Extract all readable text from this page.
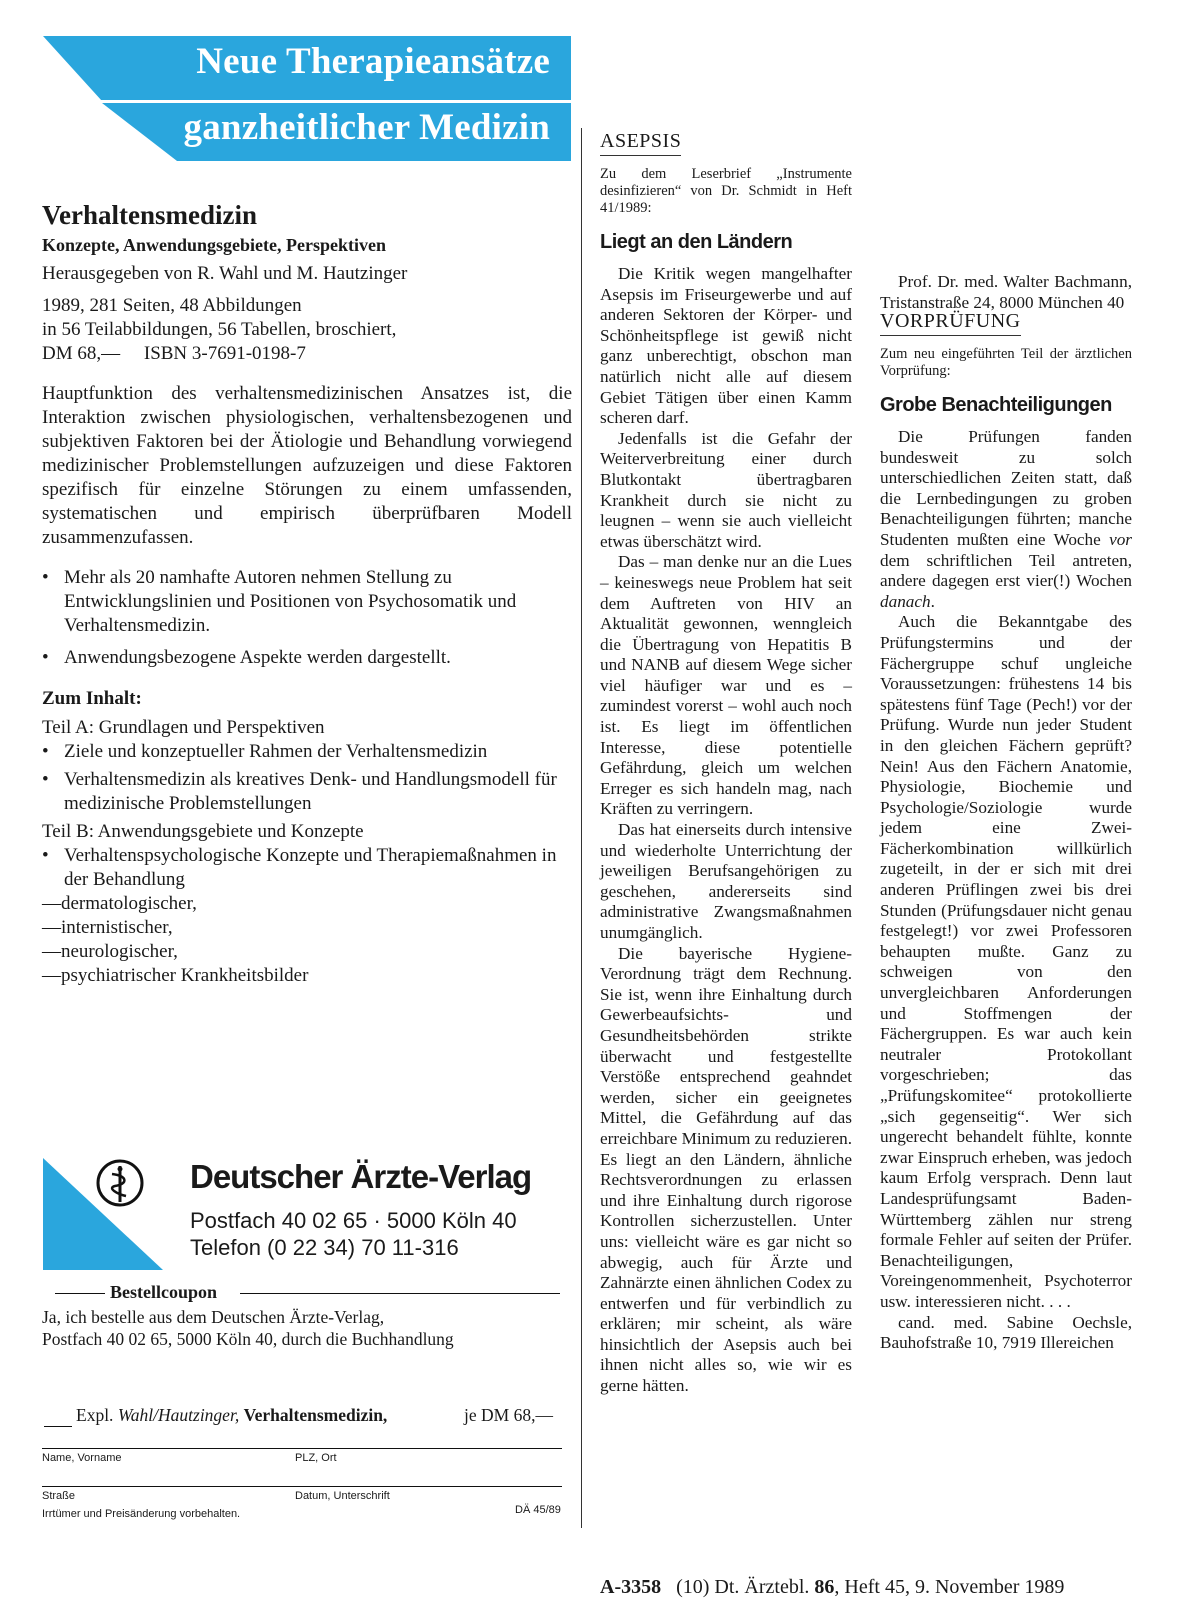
Neue Therapieansätze
ganzheitlicher Medizin
Verhaltensmedizin
Konzepte, Anwendungsgebiete, Perspektiven
Herausgegeben von R. Wahl und M. Hautzinger
1989, 281 Seiten, 48 Abbildungen
in 56 Teilabbildungen, 56 Tabellen, broschiert,
DM 68,—     ISBN 3-7691-0198-7
Hauptfunktion des verhaltensmedizinischen Ansatzes ist, die Interaktion zwischen physiologischen, verhaltensbezogenen und subjektiven Faktoren bei der Ätiologie und Behandlung vorwiegend medizinischer Problemstellungen aufzuzeigen und diese Faktoren spezifisch für einzelne Störungen zu einem umfassenden, systematischen und empirisch überprüfbaren Modell zusammenzufassen.
• Mehr als 20 namhafte Autoren nehmen Stellung zu Entwicklungslinien und Positionen von Psychosomatik und Verhaltensmedizin.
• Anwendungsbezogene Aspekte werden dargestellt.
Zum Inhalt:
Teil A: Grundlagen und Perspektiven
• Ziele und konzeptueller Rahmen der Verhaltensmedizin
• Verhaltensmedizin als kreatives Denk- und Handlungsmodell für medizinische Problemstellungen
Teil B: Anwendungsgebiete und Konzepte
• Verhaltenspsychologische Konzepte und Therapiemaßnahmen in der Behandlung
—dermatologischer,
—internistischer,
—neurologischer,
—psychiatrischer Krankheitsbilder
Deutscher Ärzte-Verlag
Postfach 40 02 65 · 5000 Köln 40
Telefon (0 22 34) 70 11-316
Bestellcoupon
Ja, ich bestelle aus dem Deutschen Ärzte-Verlag,
Postfach 40 02 65, 5000 Köln 40, durch die Buchhandlung
Expl. Wahl/Hautzinger, Verhaltensmedizin,	je DM 68,—
Name, Vorname	PLZ, Ort
Straße	Datum, Unterschrift
Irrtümer und Preisänderung vorbehalten.	DÄ 45/89
ASEPSIS
Zu dem Leserbrief „Instrumente desinfizieren“ von Dr. Schmidt in Heft 41/1989:
Liegt an den Ländern

Die Kritik wegen mangelhafter Asepsis im Friseurgewerbe und auf anderen Sektoren der Körper- und Schönheitspflege ist gewiß nicht ganz unberechtigt, obschon man natürlich nicht alle auf diesem Gebiet Tätigen über einen Kamm scheren darf.

Jedenfalls ist die Gefahr der Weiterverbreitung einer durch Blutkontakt übertragbaren Krankheit durch sie nicht zu leugnen – wenn sie auch vielleicht etwas überschätzt wird.

Das – man denke nur an die Lues – keineswegs neue Problem hat seit dem Auftreten von HIV an Aktualität gewonnen, wenngleich die Übertragung von Hepatitis B und NANB auf diesem Wege sicher viel häufiger war und es – zumindest vorerst – wohl auch noch ist. Es liegt im öffentlichen Interesse, diese potentielle Gefährdung, gleich um welchen Erreger es sich handeln mag, nach Kräften zu verringern.

Das hat einerseits durch intensive und wiederholte Unterrichtung der jeweiligen Berufsangehörigen zu geschehen, andererseits sind administrative Zwangsmaßnahmen unumgänglich.

Die bayerische Hygiene-Verordnung trägt dem Rechnung. Sie ist, wenn ihre Einhaltung durch Gewerbeaufsichts- und Gesundheitsbehörden strikte überwacht und festgestellte Verstöße entsprechend geahndet werden, sicher ein geeignetes Mittel, die Gefährdung auf das erreichbare Minimum zu reduzieren. Es liegt an den Ländern, ähnliche Rechtsverordnungen zu erlassen und ihre Einhaltung durch rigorose Kontrollen sicherzustellen. Unter uns: vielleicht wäre es gar nicht so abwegig, auch für Ärzte und Zahnärzte einen ähnlichen Codex zu entwerfen und für verbindlich zu erklären; mir scheint, als wäre hinsichtlich der Asepsis auch bei ihnen nicht alles so, wie wir es gerne hätten.

Prof. Dr. med. Walter Bachmann, Tristanstraße 24, 8000 München 40

VORPRÜFUNG
Zum neu eingeführten Teil der ärztlichen Vorprüfung:
Grobe Benachteiligungen

Die Prüfungen fanden bundesweit zu solch unterschiedlichen Zeiten statt, daß die Lernbedingungen zu groben Benachteiligungen führten; manche Studenten mußten eine Woche vor dem schriftlichen Teil antreten, andere dagegen erst vier(!) Wochen danach.

Auch die Bekanntgabe des Prüfungstermins und der Fächergruppe schuf ungleiche Voraussetzungen: frühestens 14 bis spätestens fünf Tage (Pech!) vor der Prüfung. Wurde nun jeder Student in den gleichen Fächern geprüft? Nein! Aus den Fächern Anatomie, Physiologie, Biochemie und Psychologie/Soziologie wurde jedem eine Zwei-Fächerkombination willkürlich zugeteilt, in der er sich mit drei anderen Prüflingen zwei bis drei Stunden (Prüfungsdauer nicht genau festgelegt!) vor zwei Professoren behaupten mußte. Ganz zu schweigen von den unvergleichbaren Anforderungen und Stoffmengen der Fächergruppen. Es war auch kein neutraler Protokollant vorgeschrieben; das „Prüfungskomitee“ protokollierte „sich gegenseitig“. Wer sich ungerecht behandelt fühlte, konnte zwar Einspruch erheben, was jedoch kaum Erfolg versprach. Denn laut Landesprüfungsamt Baden-Württemberg zählen nur streng formale Fehler auf seiten der Prüfer. Benachteiligungen, Voreingenommenheit, Psychoterror usw. interessieren nicht. . . .

cand. med. Sabine Oechsle, Bauhofstraße 10, 7919 Illereichen

A-3358 (10) Dt. Ärztebl. 86, Heft 45, 9. November 1989
